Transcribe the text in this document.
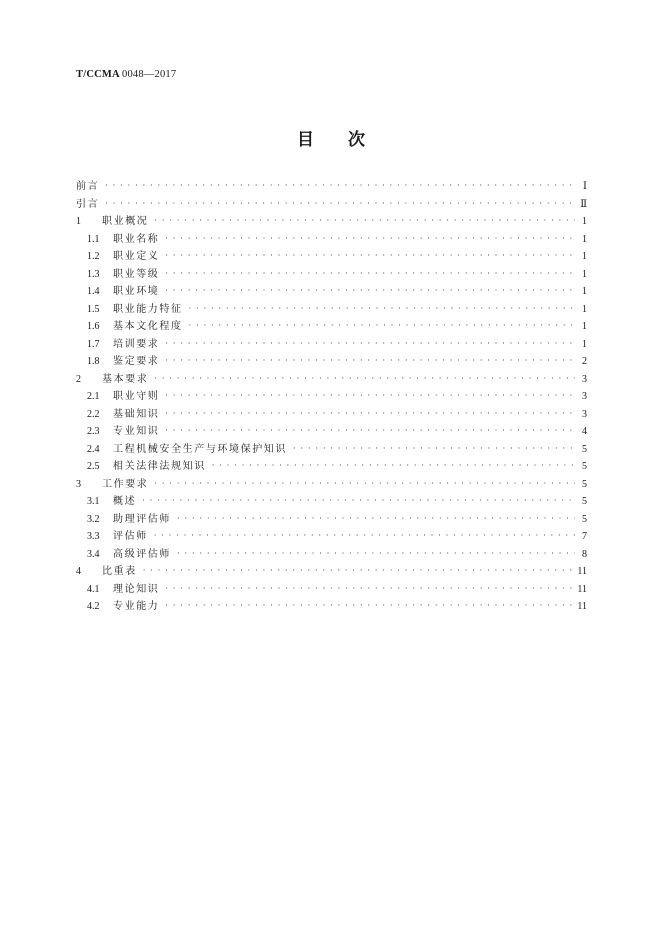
T/CCMA 0048—2017
目 次
前言 · · ·	Ⅰ
引言 · · ·	Ⅱ
1	职业概况 · · ·	1
1.1	职业名称 · · ·	1
1.2	职业定义 · · ·	1
1.3	职业等级 · · ·	1
1.4	职业环境 · · ·	1
1.5	职业能力特征 · · ·	1
1.6	基本文化程度 · · ·	1
1.7	培训要求 · · ·	1
1.8	鉴定要求 · · ·	2
2	基本要求 · · ·	3
2.1	职业守则 · · ·	3
2.2	基础知识 · · ·	3
2.3	专业知识 · · ·	4
2.4	工程机械安全生产与环境保护知识 · · ·	5
2.5	相关法律法规知识 · · ·	5
3	工作要求 · · ·	5
3.1	概述 · · ·	5
3.2	助理评估师 · · ·	5
3.3	评估师 · · ·	7
3.4	高级评估师 · · ·	8
4	比重表 · · ·	11
4.1	理论知识 · · ·	11
4.2	专业能力 · · ·	11
